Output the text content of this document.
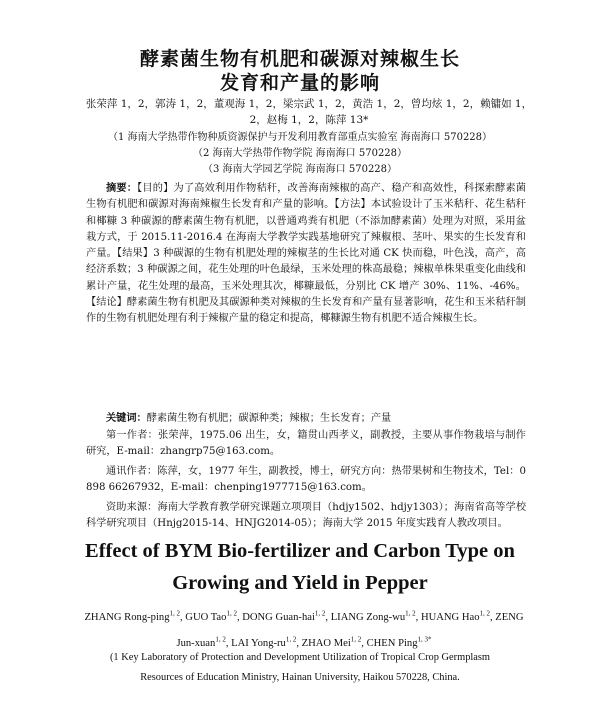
酵素菌生物有机肥和碳源对辣椒生长
发育和产量的影响
张荣萍 1，2，郭涛 1，2，董观海 1，2，梁宗武 1，2，黄浩 1，2，曾均炫 1，2，赖镛如 1，
2，赵梅 1，2，陈萍 13*
（1 海南大学热带作物种质资源保护与开发利用教育部重点实验室 海南海口 570228）
（2 海南大学热带作物学院 海南海口 570228）
（3 海南大学园艺学院 海南海口 570228）
摘要：【目的】为了高效利用作物秸秆，改善海南辣椒的高产、稳产和高效性，科探索酵素菌生物有机肥和碳源对海南辣椒生长发育和产量的影响。【方法】本试验设计了玉米秸秆、花生秸秆和椰糠 3 种碳源的酵素菌生物有机肥，以普通鸡粪有机肥（不添加酵素菌）处理为对照，采用盆栽方式，于 2015.11-2016.4 在海南大学教学实践基地研究了辣椒根、茎叶、果实的生长发育和产量。【结果】3 种碳源的生物有机肥处理的辣椒茎的生长比对通 CK 快而稳，叶色浅，高产，高经济系数；3 种碳源之间，花生处理的叶色最绿，玉米处理的株高最稳；辣椒单株果重变化曲线和累计产量，花生处理的最高，玉米处理其次，椰糠最低，分别比 CK 增产 30%、11%、-46%。【结论】酵素菌生物有机肥及其碳源种类对辣椒的生长发育和产量有显著影响，花生和玉米秸秆制作的生物有机肥处理有利于辣椒产量的稳定和提高，椰糠源生物有机肥不适合辣椒生长。
关键词：酵素菌生物有机肥；碳源种类；辣椒；生长发育；产量
第一作者：张荣萍，1975.06 出生，女，籍贯山西孝义，副教授，主要从事作物栽培与制作研究，E-mail：zhangrp75@163.com。
通讯作者：陈萍，女，1977 年生，副教授，博士，研究方向：热带果树和生物技术，Tel：0898 66267932，E-mail：chenping1977715@163.com。
资助来源：海南大学教育教学研究课题立项项目（hdjy1502、hdjy1303）；海南省高等学校科学研究项目（Hnjg2015-14、HNJG2014-05）；海南大学 2015 年度实践育人教改项目。
Effect of BYM Bio-fertilizer and Carbon Type on
Growing and Yield in Pepper
ZHANG Rong-ping$^{1, 2}$, GUO Tao$^{1, 2}$, DONG Guan-hai$^{1, 2}$, LIANG Zong-wu$^{1, 2}$, HUANG Hao$^{1, 2}$, ZENG Jun-xuan$^{1, 2}$, LAI Yong-ru$^{1, 2}$, ZHAO Mei$^{1, 2}$, CHEN Ping$^{1, 3*}$
(1 Key Laboratory of Protection and Development Utilization of Tropical Crop Germplasm
Resources of Education Ministry, Hainan University, Haikou 570228, China.
